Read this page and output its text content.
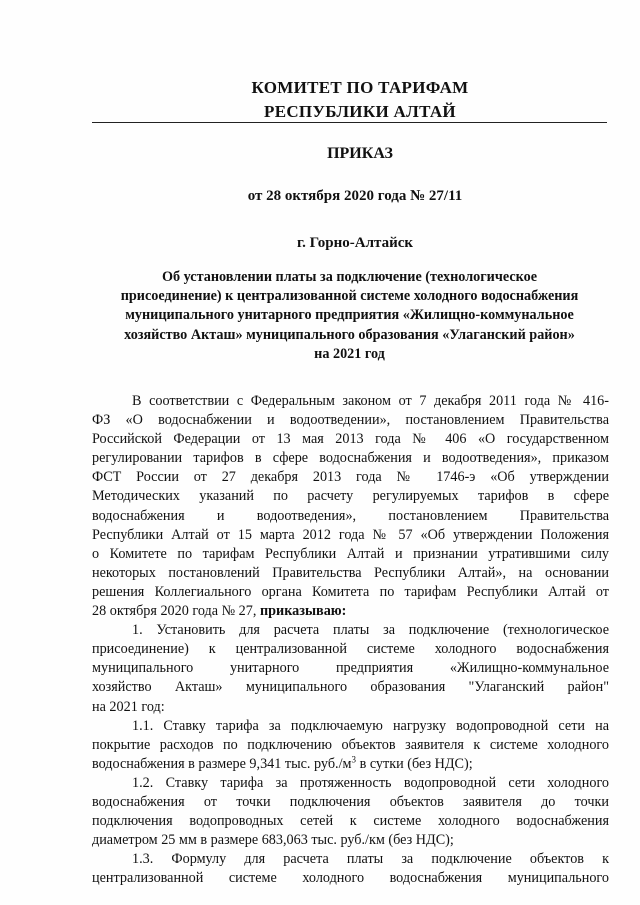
КОМИТЕТ ПО ТАРИФАМ
РЕСПУБЛИКИ АЛТАЙ
ПРИКАЗ
от 28 октября 2020 года № 27/11
г. Горно-Алтайск
Об установлении платы за подключение (технологическое
присоединение) к централизованной системе холодного водоснабжения
муниципального унитарного предприятия «Жилищно-коммунальное
хозяйство Акташ» муниципального образования «Улаганский район»
на 2021 год
В соответствии с Федеральным законом от 7 декабря 2011 года № 416-
ФЗ «О водоснабжении и водоотведении», постановлением Правительства
Российской Федерации от 13 мая 2013 года № 406 «О государственном
регулировании тарифов в сфере водоснабжения и водоотведения», приказом
ФСТ России от 27 декабря 2013 года № 1746-э «Об утверждении
Методических указаний по расчету регулируемых тарифов в сфере
водоснабжения и водоотведения», постановлением Правительства
Республики Алтай от 15 марта 2012 года № 57 «Об утверждении Положения
о Комитете по тарифам Республики Алтай и признании утратившими силу
некоторых постановлений Правительства Республики Алтай», на основании
решения Коллегиального органа Комитета по тарифам Республики Алтай от
28 октября 2020 года № 27, приказываю:
1. Установить для расчета платы за подключение (технологическое
присоединение) к централизованной системе холодного водоснабжения
муниципального унитарного предприятия «Жилищно-коммунальное
хозяйство Акташ» муниципального образования "Улаганский район"
на 2021 год:
1.1. Ставку тарифа за подключаемую нагрузку водопроводной сети на
покрытие расходов по подключению объектов заявителя к системе холодного
водоснабжения в размере 9,341 тыс. $руб./м^3$ в сутки (без НДС);
1.2. Ставку тарифа за протяженность водопроводной сети холодного
водоснабжения от точки подключения объектов заявителя до точки
подключения водопроводных сетей к системе холодного водоснабжения
диаметром 25 мм в размере 683,063 тыс. руб./км (без НДС);
1.3. Формулу для расчета платы за подключение объектов к
централизованной системе холодного водоснабжения муниципального
